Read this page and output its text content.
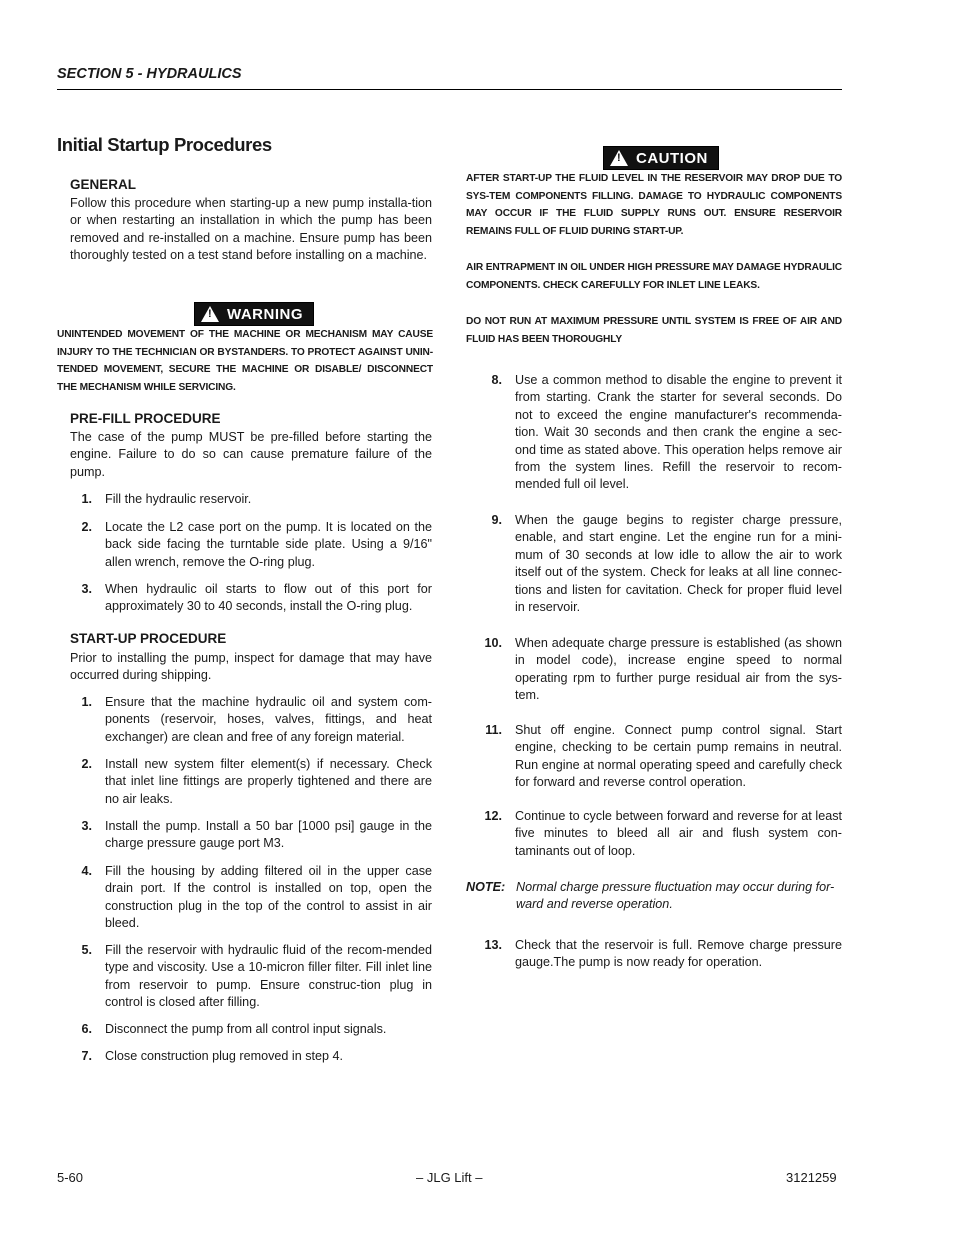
SECTION 5 - HYDRAULICS
Initial Startup Procedures
GENERAL

Follow this procedure when starting-up a new pump installa-tion or when restarting an installation in which the pump has been removed and re-installed on a machine. Ensure pump has been thoroughly tested on a test stand before installing on a machine.

! WARNING

UNINTENDED MOVEMENT OF THE MACHINE OR MECHANISM MAY CAUSE INJURY TO THE TECHNICIAN OR BYSTANDERS. TO PROTECT AGAINST UNIN-TENDED MOVEMENT, SECURE THE MACHINE OR DISABLE/ DISCONNECT THE MECHANISM WHILE SERVICING.

PRE-FILL PROCEDURE

The case of the pump MUST be pre-filled before starting the engine. Failure to do so can cause premature failure of the pump.

1.	Fill the hydraulic reservoir.
2.	Locate the L2 case port on the pump. It is located on the back side facing the turntable side plate. Using a 9/16" allen wrench, remove the O-ring plug.
3.	When hydraulic oil starts to flow out of this port for approximately 30 to 40 seconds, install the O-ring plug.
START-UP PROCEDURE

Prior to installing the pump, inspect for damage that may have occurred during shipping.

1.	Ensure that the machine hydraulic oil and system com-ponents (reservoir, hoses, valves, fittings, and heat exchanger) are clean and free of any foreign material.
2.	Install new system filter element(s) if necessary. Check that inlet line fittings are properly tightened and there are no air leaks.
3.	Install the pump. Install a 50 bar [1000 psi] gauge in the charge pressure gauge port M3.
4.	Fill the housing by adding filtered oil in the upper case drain port. If the control is installed on top, open the construction plug in the top of the control to assist in air bleed.
5.	Fill the reservoir with hydraulic fluid of the recom-mended type and viscosity. Use a 10-micron filler filter. Fill inlet line from reservoir to pump. Ensure construc-tion plug in control is closed after filling.
6.	Disconnect the pump from all control input signals.
7.	Close construction plug removed in step 4.
! CAUTION

AFTER START-UP THE FLUID LEVEL IN THE RESERVOIR MAY DROP DUE TO SYS-TEM COMPONENTS FILLING. DAMAGE TO HYDRAULIC COMPONENTS MAY OCCUR IF THE FLUID SUPPLY RUNS OUT. ENSURE RESERVOIR REMAINS FULL OF FLUID DURING START-UP.

AIR ENTRAPMENT IN OIL UNDER HIGH PRESSURE MAY DAMAGE HYDRAULIC COMPONENTS. CHECK CAREFULLY FOR INLET LINE LEAKS.

DO NOT RUN AT MAXIMUM PRESSURE UNTIL SYSTEM IS FREE OF AIR AND FLUID HAS BEEN THOROUGHLY

8.	Use a common method to disable the engine to prevent it from starting. Crank the starter for several seconds. Do not to exceed the engine manufacturer's recommenda-tion. Wait 30 seconds and then crank the engine a sec-ond time as stated above. This operation helps remove air from the system lines. Refill the reservoir to recom-mended full oil level.
9.	When the gauge begins to register charge pressure, enable, and start engine. Let the engine run for a mini-mum of 30 seconds at low idle to allow the air to work itself out of the system. Check for leaks at all line connec-tions and listen for cavitation. Check for proper fluid level in reservoir.
10.	When adequate charge pressure is established (as shown in model code), increase engine speed to normal operating rpm to further purge residual air from the sys-tem.
11.	Shut off engine. Connect pump control signal. Start engine, checking to be certain pump remains in neutral. Run engine at normal operating speed and carefully check for forward and reverse control operation.
12.	Continue to cycle between forward and reverse for at least five minutes to bleed all air and flush system con-taminants out of loop.
NOTE: Normal charge pressure fluctuation may occur during for-ward and reverse operation.
13.	Check that the reservoir is full. Remove charge pressure gauge.The pump is now ready for operation.
5-60	– JLG Lift –	3121259
